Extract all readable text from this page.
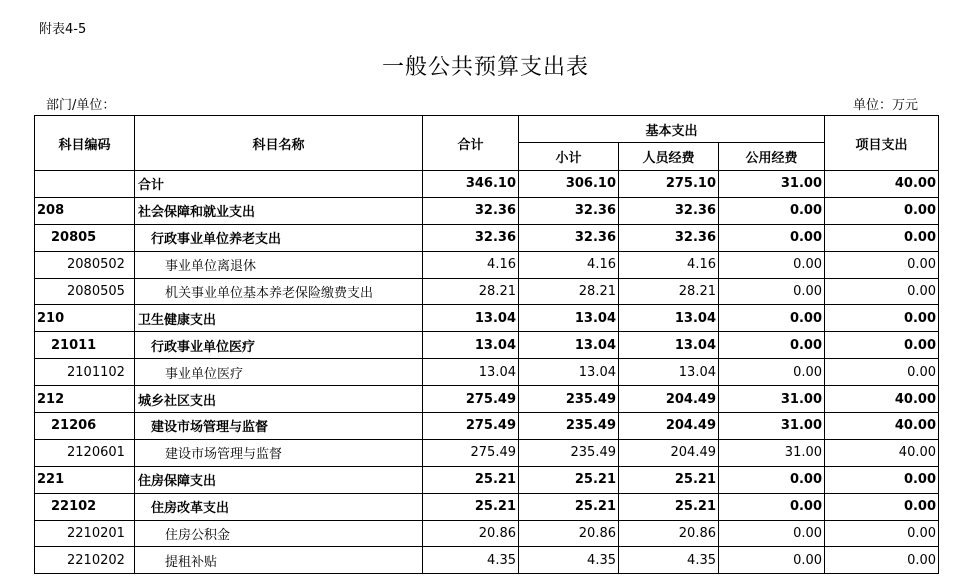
附表4-5
一般公共预算支出表
部门/单位：	单位：万元
科目编码	科目名称	合计	基本支出			项目支出
			小计	人员经费	公用经费	
	合计	346.10	306.10	275.10	31.00	40.00
208	社会保障和就业支出	32.36	32.36	32.36	0.00	0.00
20805	行政事业单位养老支出	32.36	32.36	32.36	0.00	0.00
2080502	事业单位离退休	4.16	4.16	4.16	0.00	0.00
2080505	机关事业单位基本养老保险缴费支出	28.21	28.21	28.21	0.00	0.00
210	卫生健康支出	13.04	13.04	13.04	0.00	0.00
21011	行政事业单位医疗	13.04	13.04	13.04	0.00	0.00
2101102	事业单位医疗	13.04	13.04	13.04	0.00	0.00
212	城乡社区支出	275.49	235.49	204.49	31.00	40.00
21206	建设市场管理与监督	275.49	235.49	204.49	31.00	40.00
2120601	建设市场管理与监督	275.49	235.49	204.49	31.00	40.00
221	住房保障支出	25.21	25.21	25.21	0.00	0.00
22102	住房改革支出	25.21	25.21	25.21	0.00	0.00
2210201	住房公积金	20.86	20.86	20.86	0.00	0.00
2210202	提租补贴	4.35	4.35	4.35	0.00	0.00
